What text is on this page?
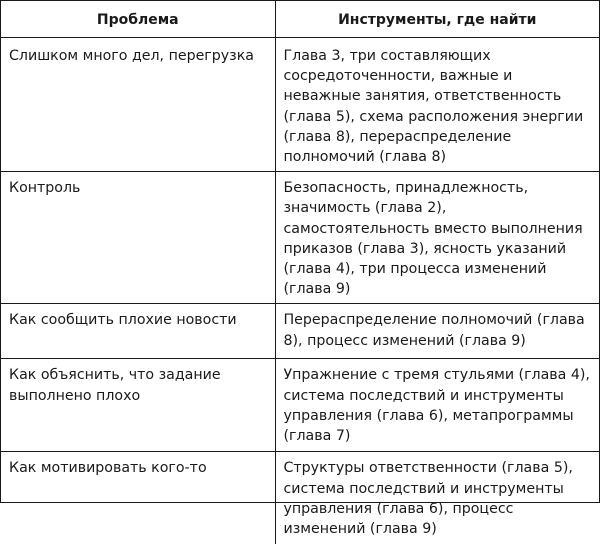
Проблема	Инструменты, где найти
Слишком много дел, перегрузка	Глава 3, три составляющих сосредоточенности, важные и неважные занятия, ответственность (глава 5), схема расположения энергии (глава 8), перераспределение полномочий (глава 8)
Контроль	Безопасность, принадлежность, значимость (глава 2), самостоятельность вместо выполнения приказов (глава 3), ясность указаний (глава 4), три процесса изменений (глава 9)
Как сообщить плохие новости	Перераспределение полномочий (глава 8), процесс изменений (глава 9)
Как объяснить, что задание выполнено плохо	Упражнение с тремя стульями (глава 4), система последствий и инструменты управления (глава 6), метапрограммы (глава 7)
Как мотивировать кого-то	Структуры ответственности (глава 5), система последствий и инструменты управления (глава 6), процесс изменений (глава 9)
